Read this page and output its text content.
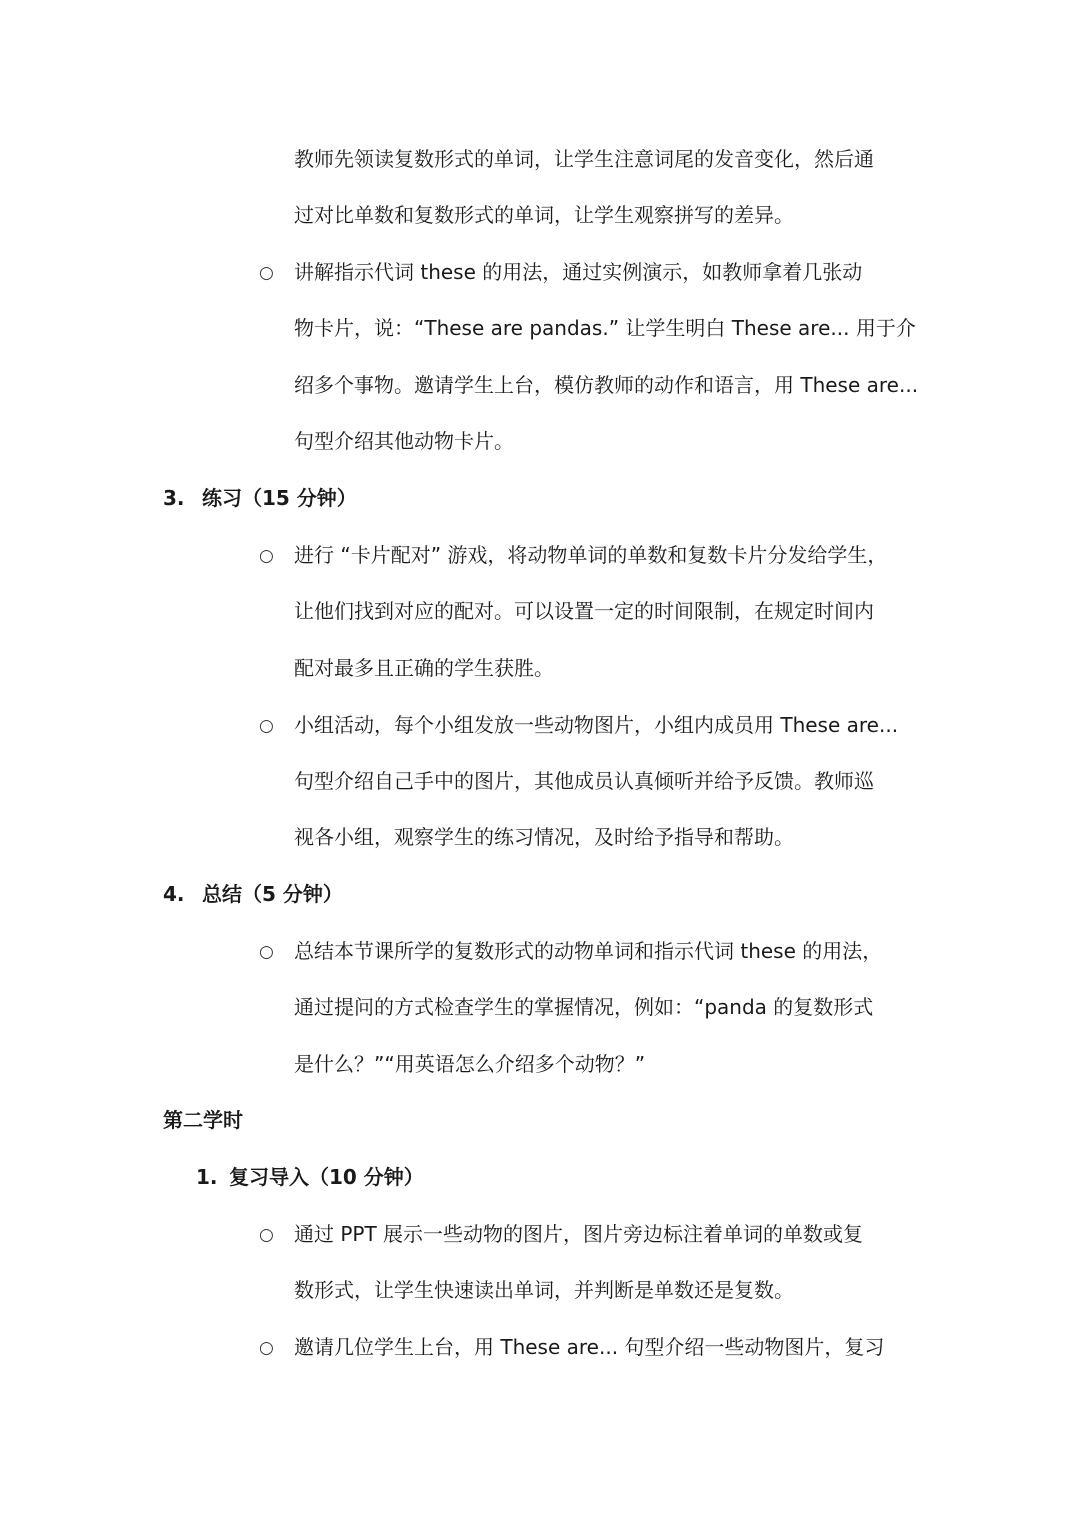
教师先领读复数形式的单词，让学生注意词尾的发音变化，然后通
过对比单数和复数形式的单词，让学生观察拼写的差异。
○ 讲解指示代词 these 的用法，通过实例演示，如教师拿着几张动
物卡片，说：“These are pandas.” 让学生明白 These are... 用于介
绍多个事物。邀请学生上台，模仿教师的动作和语言，用 These are...
句型介绍其他动物卡片。
3. 练习（15 分钟）
○ 进行 “卡片配对” 游戏，将动物单词的单数和复数卡片分发给学生，
让他们找到对应的配对。可以设置一定的时间限制，在规定时间内
配对最多且正确的学生获胜。
○ 小组活动，每个小组发放一些动物图片，小组内成员用 These are...
句型介绍自己手中的图片，其他成员认真倾听并给予反馈。教师巡
视各小组，观察学生的练习情况，及时给予指导和帮助。
4. 总结（5 分钟）
○ 总结本节课所学的复数形式的动物单词和指示代词 these 的用法，
通过提问的方式检查学生的掌握情况，例如：“panda 的复数形式
是什么？”“用英语怎么介绍多个动物？”
第二学时
1. 复习导入（10 分钟）
○ 通过 PPT 展示一些动物的图片，图片旁边标注着单词的单数或复
数形式，让学生快速读出单词，并判断是单数还是复数。
○ 邀请几位学生上台，用 These are... 句型介绍一些动物图片，复习
